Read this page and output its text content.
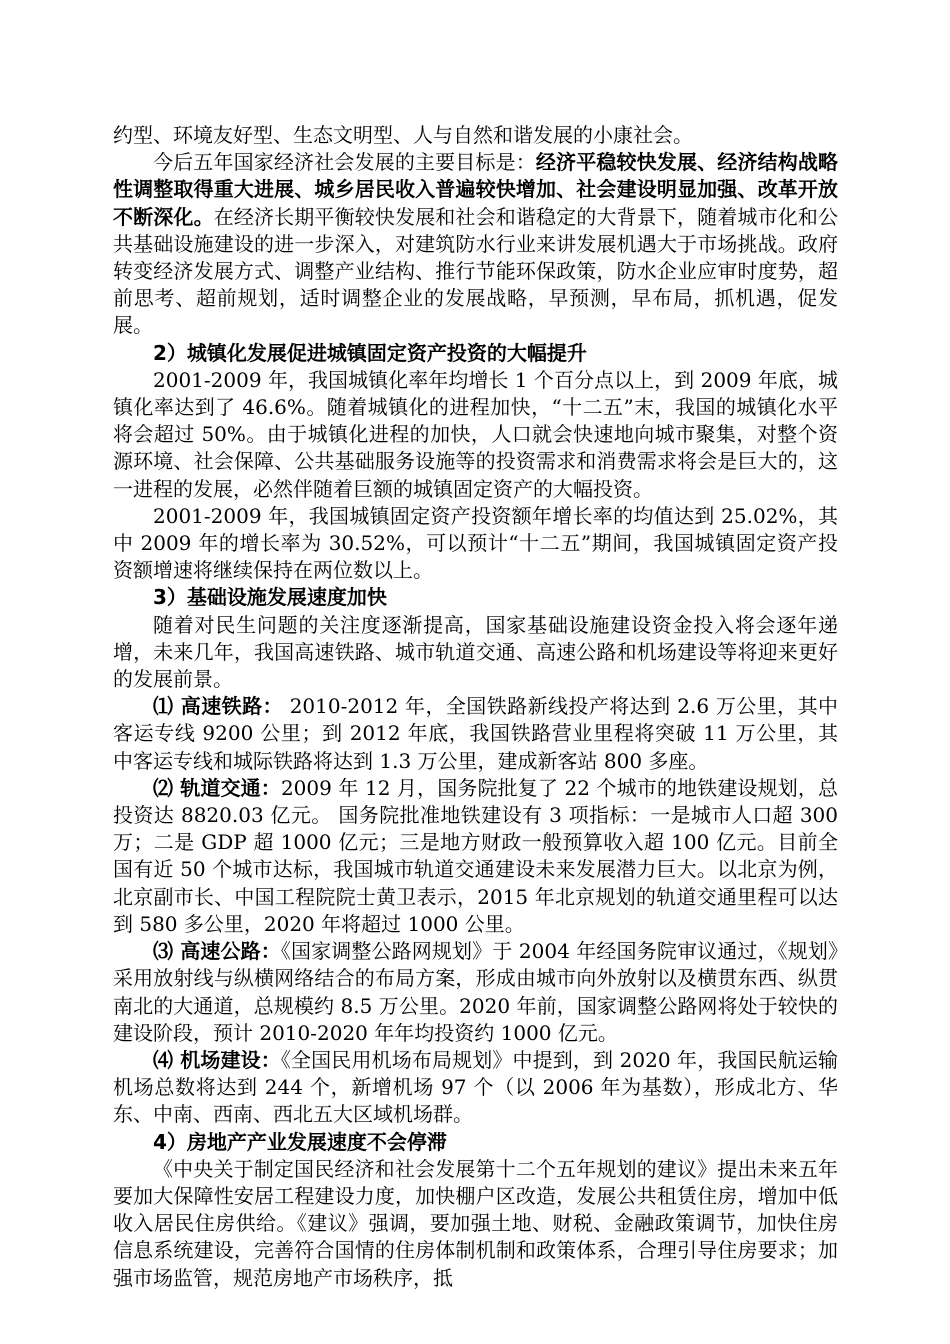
约型、环境友好型、生态文明型、人与自然和谐发展的小康社会。

今后五年国家经济社会发展的主要目标是：经济平稳较快发展、经济结构战略性调整取得重大进展、城乡居民收入普遍较快增加、社会建设明显加强、改革开放不断深化。在经济长期平衡较快发展和社会和谐稳定的大背景下，随着城市化和公共基础设施建设的进一步深入，对建筑防水行业来讲发展机遇大于市场挑战。政府转变经济发展方式、调整产业结构、推行节能环保政策，防水企业应审时度势，超前思考、超前规划，适时调整企业的发展战略，早预测，早布局，抓机遇，促发展。

2）城镇化发展促进城镇固定资产投资的大幅提升

2001-2009 年，我国城镇化率年均增长 1 个百分点以上，到 2009 年底，城镇化率达到了 46.6%。随着城镇化的进程加快，“十二五”末，我国的城镇化水平将会超过 50%。由于城镇化进程的加快，人口就会快速地向城市聚集，对整个资源环境、社会保障、公共基础服务设施等的投资需求和消费需求将会是巨大的，这一进程的发展，必然伴随着巨额的城镇固定资产的大幅投资。

2001-2009 年，我国城镇固定资产投资额年增长率的均值达到 25.02%，其中 2009 年的增长率为 30.52%，可以预计“十二五”期间，我国城镇固定资产投资额增速将继续保持在两位数以上。

3）基础设施发展速度加快

随着对民生问题的关注度逐渐提高，国家基础设施建设资金投入将会逐年递增，未来几年，我国高速铁路、城市轨道交通、高速公路和机场建设等将迎来更好的发展前景。

⑴ 高速铁路： 2010-2012 年，全国铁路新线投产将达到 2.6 万公里，其中客运专线 9200 公里；到 2012 年底，我国铁路营业里程将突破 11 万公里，其中客运专线和城际铁路将达到 1.3 万公里，建成新客站 800 多座。

⑵ 轨道交通：2009 年 12 月，国务院批复了 22 个城市的地铁建设规划，总投资达 8820.03 亿元。 国务院批准地铁建设有 3 项指标：一是城市人口超 300 万；二是 GDP 超 1000 亿元；三是地方财政一般预算收入超 100 亿元。目前全国有近 50 个城市达标，我国城市轨道交通建设未来发展潜力巨大。以北京为例，北京副市长、中国工程院院士黄卫表示，2015 年北京规划的轨道交通里程可以达到 580 多公里，2020 年将超过 1000 公里。

⑶ 高速公路：《国家调整公路网规划》于 2004 年经国务院审议通过，《规划》采用放射线与纵横网络结合的布局方案，形成由城市向外放射以及横贯东西、纵贯南北的大通道，总规模约 8.5 万公里。2020 年前，国家调整公路网将处于较快的建设阶段，预计 2010-2020 年年均投资约 1000 亿元。

⑷ 机场建设：《全国民用机场布局规划》中提到，到 2020 年，我国民航运输机场总数将达到 244 个，新增机场 97 个（以 2006 年为基数），形成北方、华东、中南、西南、西北五大区域机场群。

4）房地产产业发展速度不会停滞

《中央关于制定国民经济和社会发展第十二个五年规划的建议》提出未来五年要加大保障性安居工程建设力度，加快棚户区改造，发展公共租赁住房，增加中低收入居民住房供给。《建议》强调，要加强土地、财税、金融政策调节，加快住房信息系统建设，完善符合国情的住房体制机制和政策体系，合理引导住房要求；加强市场监管，规范房地产市场秩序，抵
